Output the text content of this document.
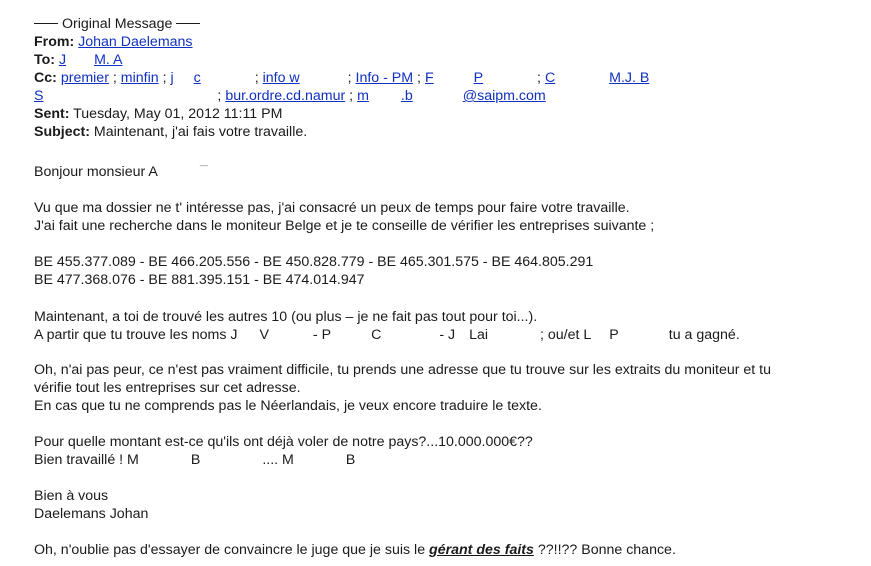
Original Message
From: Johan Daelemans
To: J M. A
Cc: premier ; minfin ; j c	; info w	; Info - PM ; F	P	; C	M.J. B
S	; bur.ordre.cd.namur ; m .b	@saipm.com
Sent: Tuesday, May 01, 2012 11:11 PM
Subject: Maintenant, j'ai fais votre travaille.
Bonjour monsieur A	¯
Vu que ma dossier ne t' intéresse pas, j'ai consacré un peux de temps pour faire votre travaille.
J'ai fait une recherche dans le moniteur Belge et je te conseille de vérifier les entreprises suivante ;
BE 455.377.089 - BE 466.205.556 - BE 450.828.779 - BE 465.301.575 - BE 464.805.291
BE 477.368.076 - BE 881.395.151 - BE 474.014.947
Maintenant, a toi de trouvé les autres 10 (ou plus – je ne fait pas tout pour toi...).
A partir que tu trouve les noms J V	- P	C	- J Lai	; ou/et L P	tu a gagné.
Oh, n'ai pas peur, ce n'est pas vraiment difficile, tu prends une adresse que tu trouve sur les extraits du moniteur et tu
vérifie tout les entreprises sur cet adresse.
En cas que tu ne comprends pas le Néerlandais, je veux encore traduire le texte.
Pour quelle montant est-ce qu'ils ont déjà voler de notre pays?...10.000.000€??
Bien travaillé ! M	B	.... M	B
Bien à vous
Daelemans Johan
Oh, n'oublie pas d'essayer de convaincre le juge que je suis le gérant des faits ??!!?? Bonne chance.
